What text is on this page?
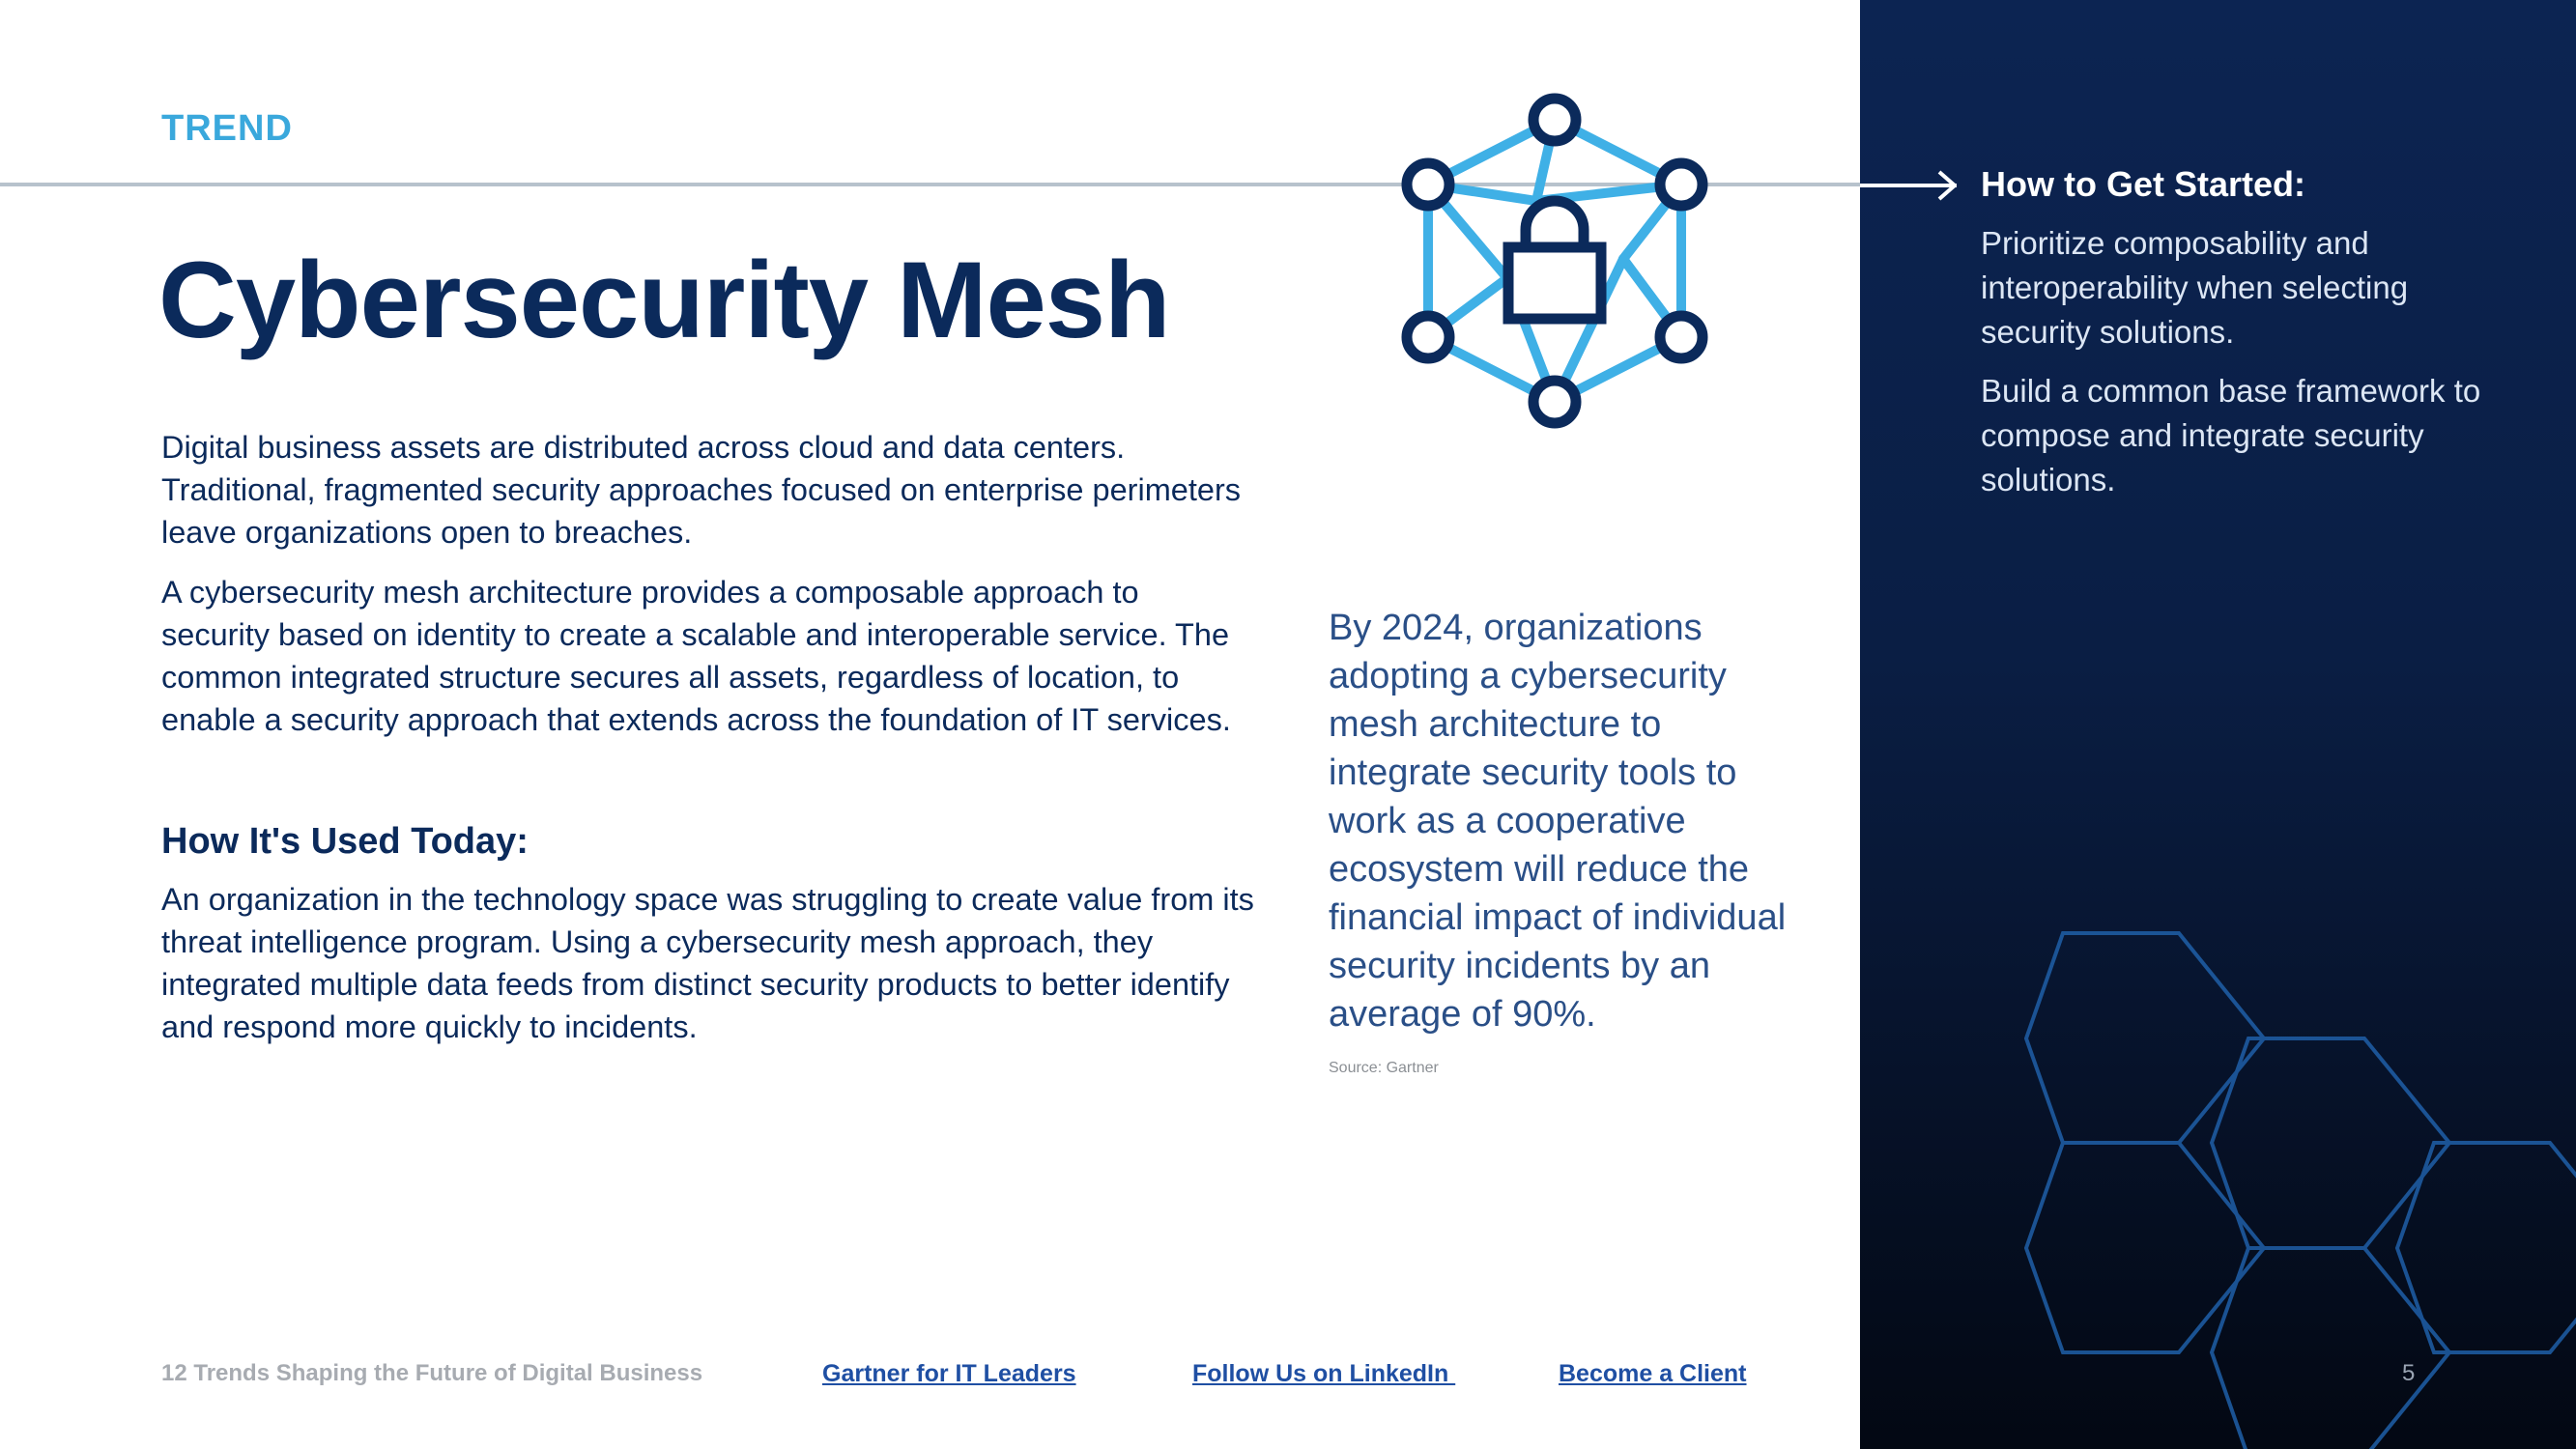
TREND
Cybersecurity Mesh
Digital business assets are distributed across cloud and data centers. Traditional, fragmented security approaches focused on enterprise perimeters leave organizations open to breaches.
A cybersecurity mesh architecture provides a composable approach to security based on identity to create a scalable and interoperable service. The common integrated structure secures all assets, regardless of location, to enable a security approach that extends across the foundation of IT services.
How It's Used Today:
An organization in the technology space was struggling to create value from its threat intelligence program. Using a cybersecurity mesh approach, they integrated multiple data feeds from distinct security products to better identify and respond more quickly to incidents.
By 2024, organizations adopting a cybersecurity mesh architecture to integrate security tools to work as a cooperative ecosystem will reduce the financial impact of individual security incidents by an average of 90%.
Source: Gartner
How to Get Started:
Prioritize composability and interoperability when selecting security solutions.
Build a common base framework to compose and integrate security solutions.
12 Trends Shaping the Future of Digital Business	Gartner for IT Leaders	Follow Us on LinkedIn	Become a Client	5
